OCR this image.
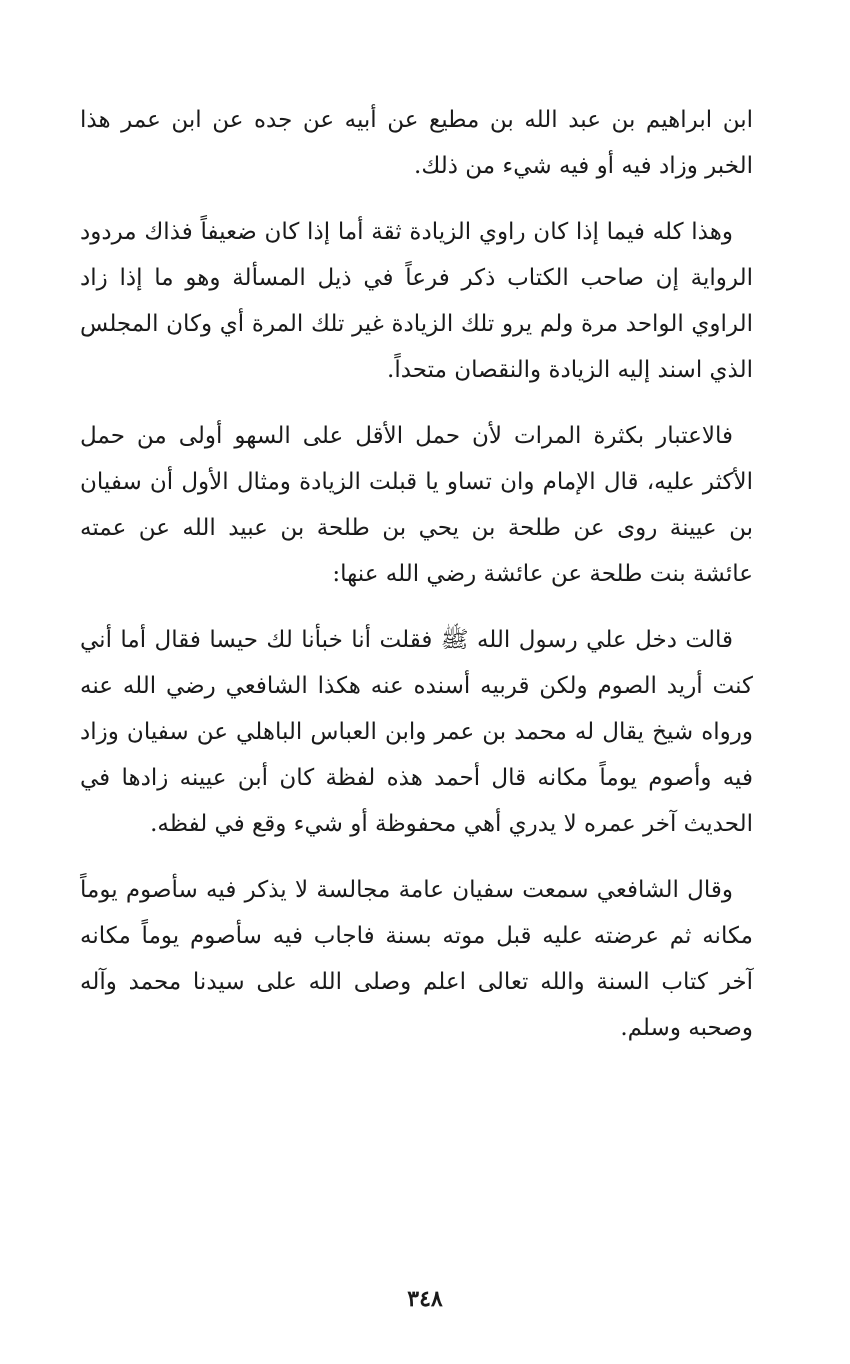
ابن ابراهيم بن عبد الله بن مطيع عن أبيه عن جده عن ابن عمر هذا الخبر وزاد فيه أو فيه شيء من ذلك.

وهذا كله فيما إذا كان راوي الزيادة ثقة أما إذا كان ضعيفاً فذاك مردود الرواية إن صاحب الكتاب ذكر فرعاً في ذيل المسألة وهو ما إذا زاد الراوي الواحد مرة ولم يرو تلك الزيادة غير تلك المرة أي وكان المجلس الذي اسند إليه الزيادة والنقصان متحداً.

فالاعتبار بكثرة المرات لأن حمل الأقل على السهو أولى من حمل الأكثر عليه، قال الإمام وان تساو يا قبلت الزيادة ومثال الأول أن سفيان بن عيينة روى عن طلحة بن يحي بن طلحة بن عبيد الله عن عمته عائشة بنت طلحة عن عائشة رضي الله عنها:

قالت دخل علي رسول الله ﷺ فقلت أنا خبأنا لك حيسا فقال أما أني كنت أريد الصوم ولكن قربيه أسنده عنه هكذا الشافعي رضي الله عنه ورواه شيخ يقال له محمد بن عمر وابن العباس الباهلي عن سفيان وزاد فيه وأصوم يوماً مكانه قال أحمد هذه لفظة كان أبن عيينه زادها في الحديث آخر عمره لا يدري أهي محفوظة أو شيء وقع في لفظه.

وقال الشافعي سمعت سفيان عامة مجالسة لا يذكر فيه سأصوم يوماً مكانه ثم عرضته عليه قبل موته بسنة فاجاب فيه سأصوم يوماً مكانه آخر كتاب السنة والله تعالى اعلم وصلى الله على سيدنا محمد وآله وصحبه وسلم.

٣٤٨
